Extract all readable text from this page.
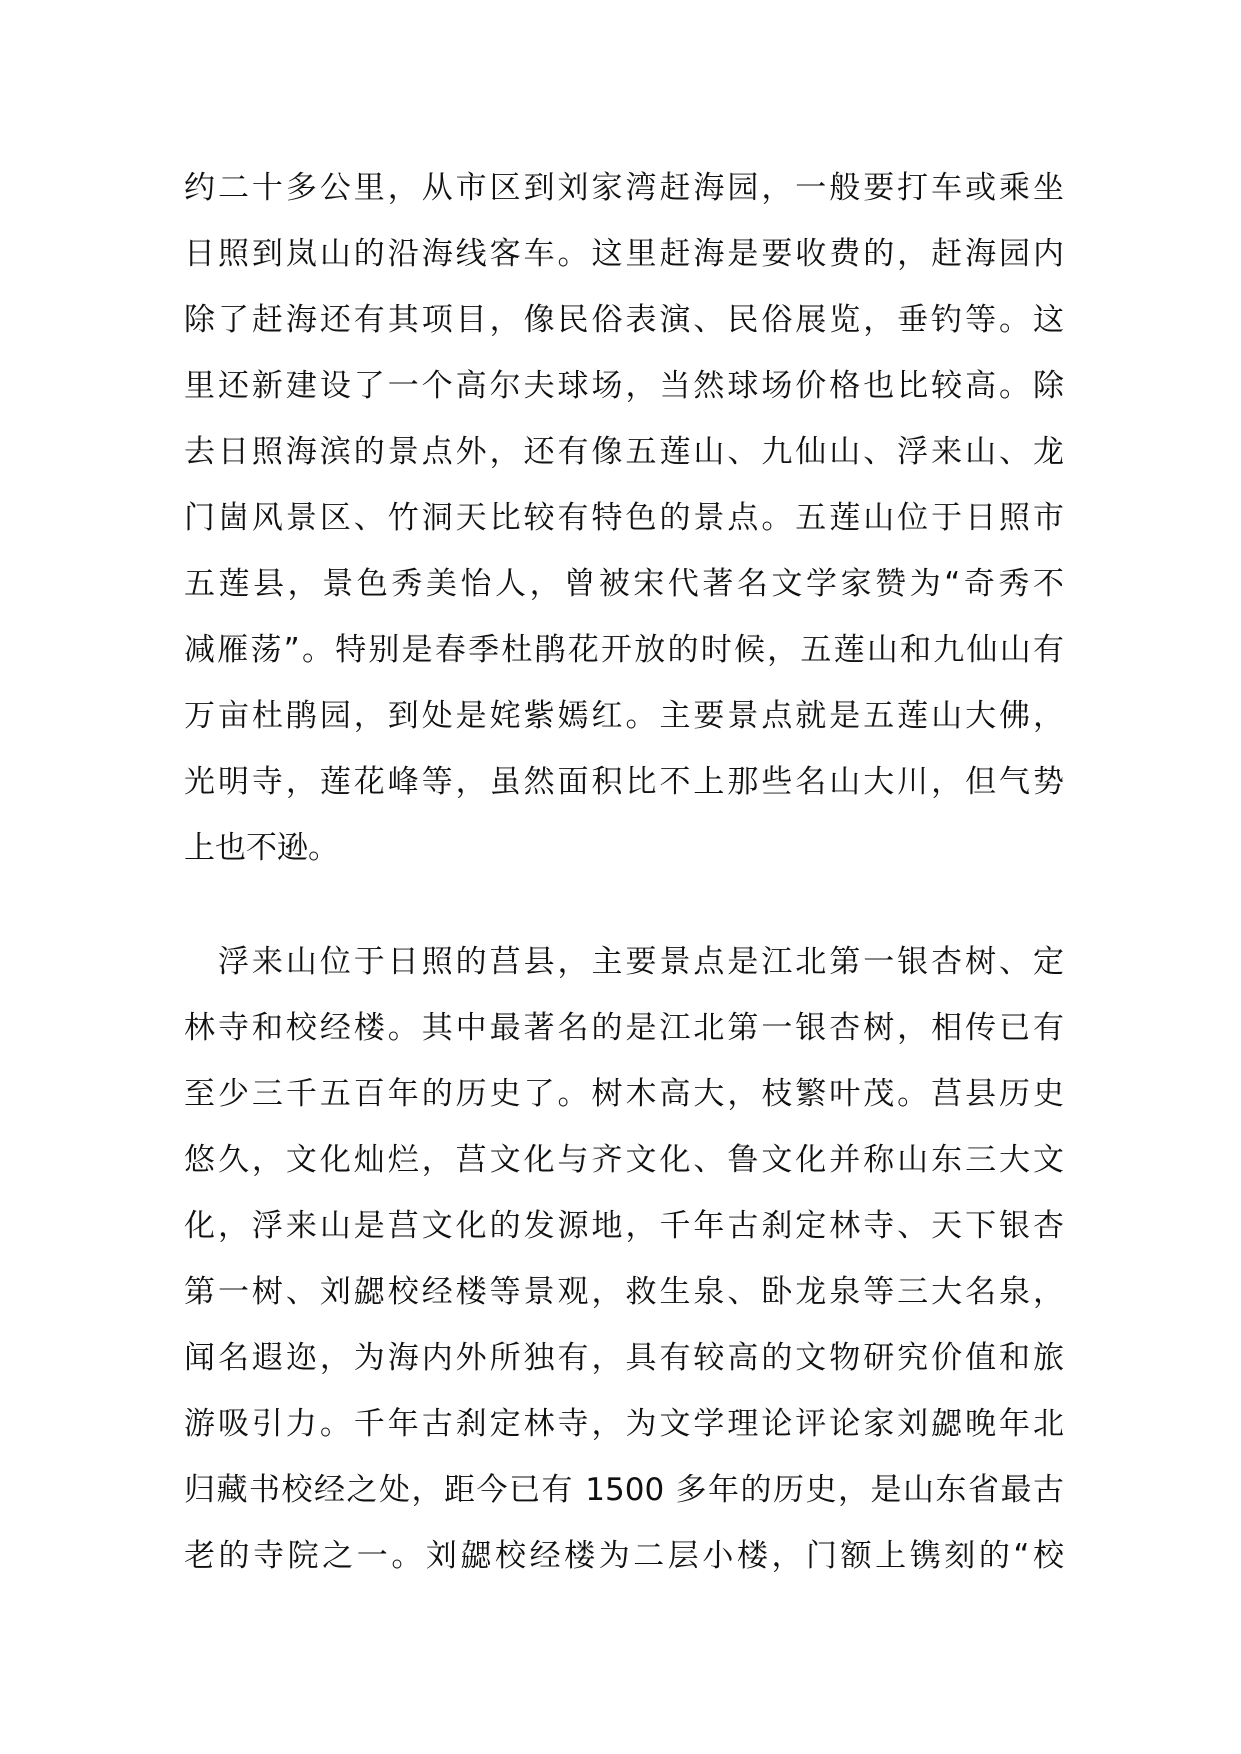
约二十多公里，从市区到刘家湾赶海园，一般要打车或乘坐
日照到岚山的沿海线客车。这里赶海是要收费的，赶海园内
除了赶海还有其项目，像民俗表演、民俗展览，垂钓等。这
里还新建设了一个高尔夫球场，当然球场价格也比较高。除
去日照海滨的景点外，还有像五莲山、九仙山、浮来山、龙
门崮风景区、竹洞天比较有特色的景点。五莲山位于日照市
五莲县，景色秀美怡人，曾被宋代著名文学家赞为“奇秀不
减雁荡”。特别是春季杜鹃花开放的时候，五莲山和九仙山有
万亩杜鹃园，到处是姹紫嫣红。主要景点就是五莲山大佛，
光明寺，莲花峰等，虽然面积比不上那些名山大川，但气势
上也不逊。
　浮来山位于日照的莒县，主要景点是江北第一银杏树、定
林寺和校经楼。其中最著名的是江北第一银杏树，相传已有
至少三千五百年的历史了。树木高大，枝繁叶茂。莒县历史
悠久，文化灿烂，莒文化与齐文化、鲁文化并称山东三大文
化，浮来山是莒文化的发源地，千年古刹定林寺、天下银杏
第一树、刘勰校经楼等景观，救生泉、卧龙泉等三大名泉，
闻名遐迩，为海内外所独有，具有较高的文物研究价值和旅
游吸引力。千年古刹定林寺，为文学理论评论家刘勰晚年北
归藏书校经之处，距今已有 1500 多年的历史，是山东省最古
老的寺院之一。刘勰校经楼为二层小楼，门额上镌刻的“校
